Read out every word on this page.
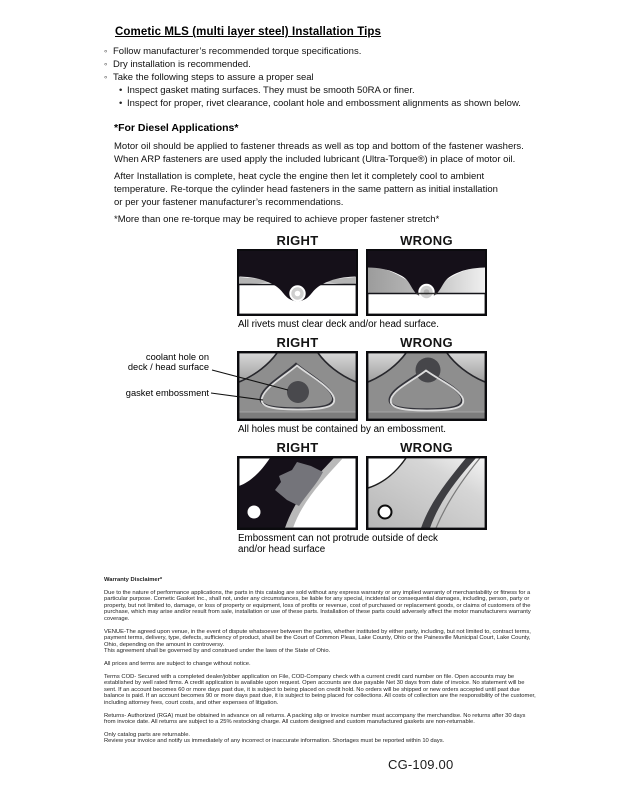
Cometic MLS (multi layer steel) Installation Tips
◦ Follow manufacturer’s recommended torque specifications.
◦ Dry installation is recommended.
◦ Take the following steps to assure a proper seal
• Inspect gasket mating surfaces. They must be smooth 50RA or finer.
• Inspect for proper, rivet clearance, coolant hole and embossment alignments as shown below.
*For Diesel Applications*
Motor oil should be applied to fastener threads as well as top and bottom of the fastener washers.
When ARP fasteners are used apply the included lubricant (Ultra-Torque®) in place of motor oil.
After Installation is complete, heat cycle the engine then let it completely cool to ambient
temperature. Re-torque the cylinder head fasteners in the same pattern as initial installation
or per your fastener manufacturer’s recommendations.
*More than one re-torque may be required to achieve proper fastener stretch*
RIGHT	WRONG
All rivets must clear deck and/or head surface.
RIGHT	WRONG
coolant hole on
deck / head surface
gasket embossment
All holes must be contained by an embossment.
RIGHT	WRONG
Embossment can not protrude outside of deck
and/or head surface

Warranty Disclaimer*

Due to the nature of performance applications, the parts in this catalog are sold without any express warranty or any implied warranty of merchantability or fitness for a particular purpose. Cometic Gasket Inc., shall not, under any circumstances, be liable for any special, incidental or consequential damages, including, person, party or property, but not limited to, damage, or loss of property or equipment, loss of profits or revenue, cost of purchased or replacement goods, or claims of customers of the purchase, which may arise and/or result from sale, installation or use of these parts. Installation of these parts could adversely affect the motor manufacturers warranty coverage.

VENUE-The agreed upon venue, in the event of dispute whatsoever between the parties, whether instituted by either party, including, but not limited to, contract terms, payment terms, delivery, type, defects, sufficiency of product, shall be the Court of Common Pleas, Lake County, Ohio or the Painesville Municipal Court, Lake County, Ohio, depending on the amount in controversy.
This agreement shall be governed by and construed under the laws of the State of Ohio.

All prices and terms are subject to change without notice.

Terms COD- Secured with a completed dealer/jobber application on File, COD-Company check with a current credit card number on file. Open accounts may be established by well rated firms. A credit application is available upon request. Open accounts are due payable Net 30 days from date of invoice. No statement will be sent. If an account becomes 60 or more days past due, it is subject to being placed on credit hold. No orders will be shipped or new orders accepted until past due balance is paid. If an account becomes 90 or more days past due, it is subject to being placed for collections. All costs of collection are the responsibility of the customer, including attorney fees, court costs, and other expenses of litigation.

Returns- Authorized (RGA) must be obtained in advance on all returns. A packing slip or invoice number must accompany the merchandise. No returns after 30 days from invoice date. All returns are subject to a 25% restocking charge. All custom designed and custom manufactured gaskets are non-returnable.

Only catalog parts are returnable.
Review your invoice and notify us immediately of any incorrect or inaccurate information. Shortages must be reported within 10 days.

CG-109.00
